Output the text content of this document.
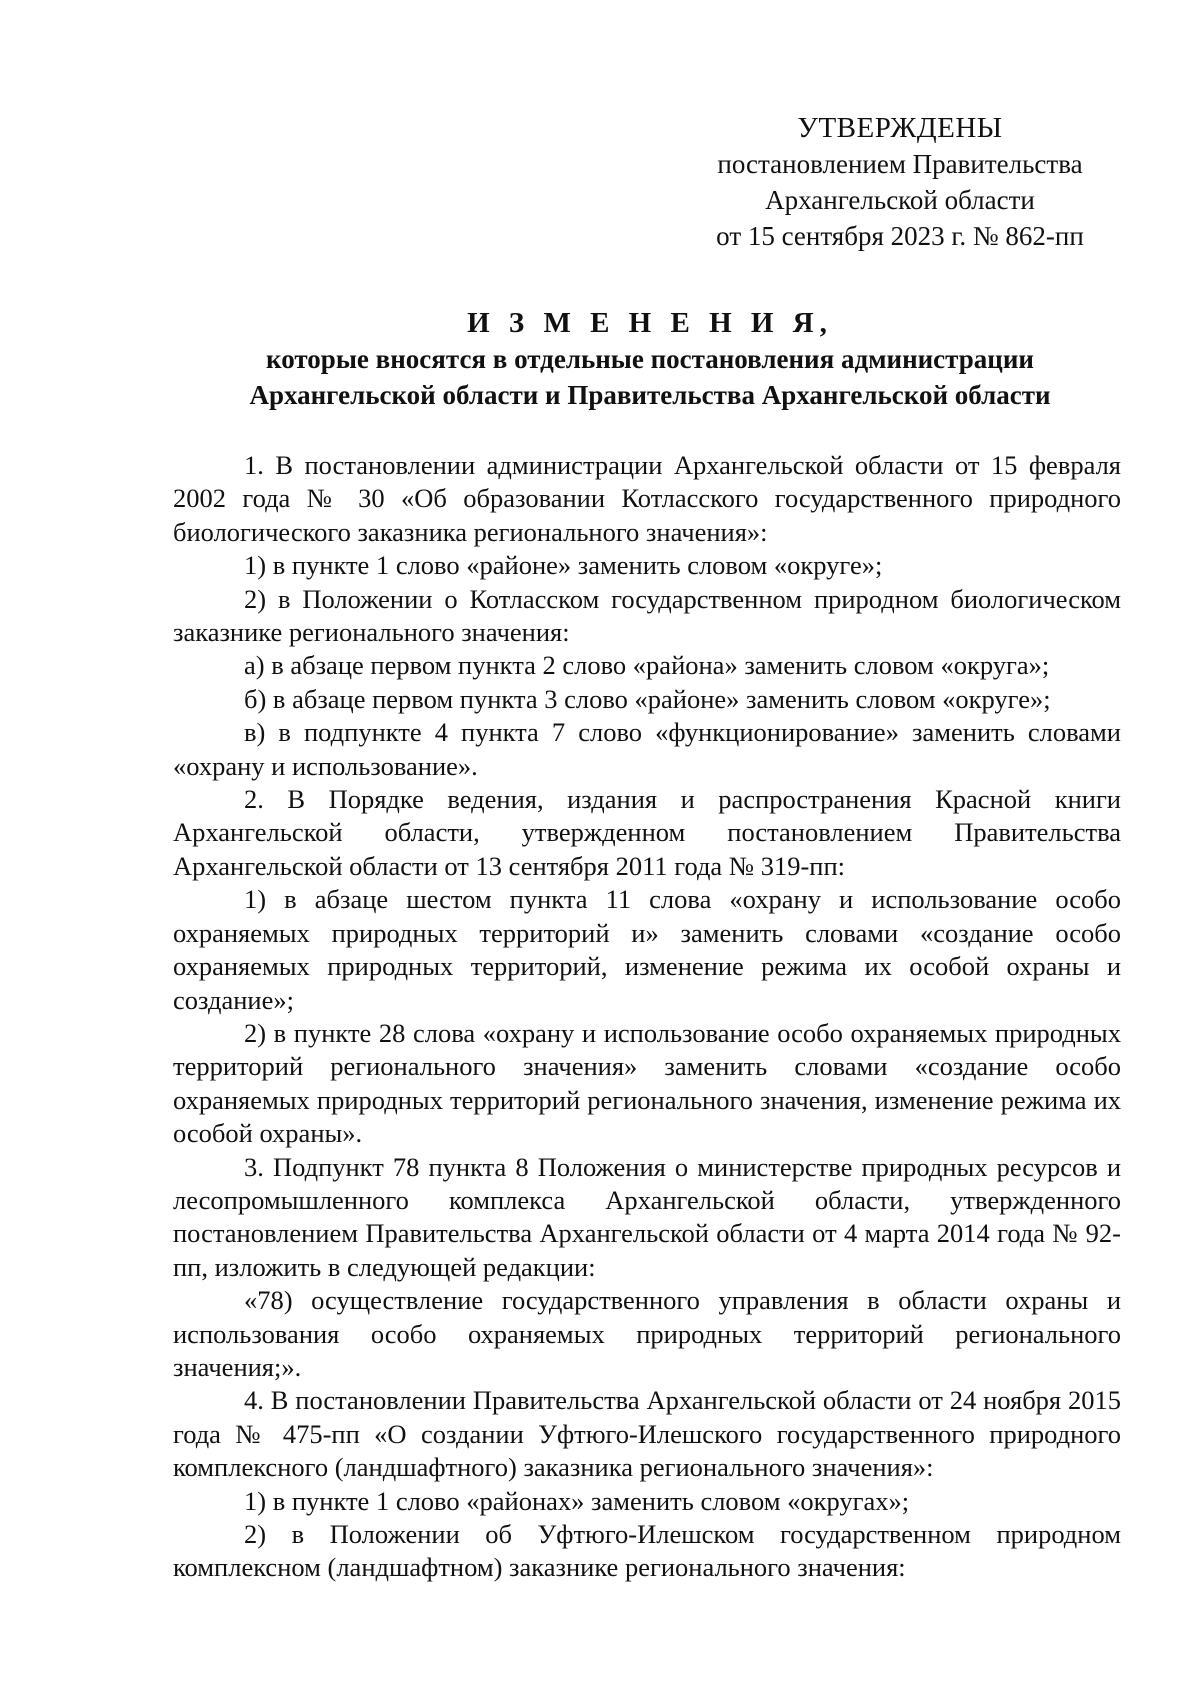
УТВЕРЖДЕНЫ
постановлением Правительства
Архангельской области
от 15 сентября 2023 г. № 862-пп
И З М Е Н Е Н И Я,
которые вносятся в отдельные постановления администрации
Архангельской области и Правительства Архангельской области

1. В постановлении администрации Архангельской области от 15 февраля 2002 года № 30 «Об образовании Котласского государственного природного биологического заказника регионального значения»:

1) в пункте 1 слово «районе» заменить словом «округе»;

2) в Положении о Котласском государственном природном биологическом заказнике регионального значения:

а) в абзаце первом пункта 2 слово «района» заменить словом «округа»;

б) в абзаце первом пункта 3 слово «районе» заменить словом «округе»;

в) в подпункте 4 пункта 7 слово «функционирование» заменить словами «охрану и использование».

2. В Порядке ведения, издания и распространения Красной книги Архангельской области, утвержденном постановлением Правительства Архангельской области от 13 сентября 2011 года № 319-пп:

1) в абзаце шестом пункта 11 слова «охрану и использование особо охраняемых природных территорий и» заменить словами «создание особо охраняемых природных территорий, изменение режима их особой охраны и создание»;

2) в пункте 28 слова «охрану и использование особо охраняемых природных территорий регионального значения» заменить словами «создание особо охраняемых природных территорий регионального значения, изменение режима их особой охраны».

3. Подпункт 78 пункта 8 Положения о министерстве природных ресурсов и лесопромышленного комплекса Архангельской области, утвержденного постановлением Правительства Архангельской области от 4 марта 2014 года № 92-пп, изложить в следующей редакции:

«78) осуществление государственного управления в области охраны и использования особо охраняемых природных территорий регионального значения;».

4. В постановлении Правительства Архангельской области от 24 ноября 2015 года № 475-пп «О создании Уфтюго-Илешского государственного природного комплексного (ландшафтного) заказника регионального значения»:

1) в пункте 1 слово «районах» заменить словом «округах»;

2) в Положении об Уфтюго-Илешском государственном природном комплексном (ландшафтном) заказнике регионального значения:
